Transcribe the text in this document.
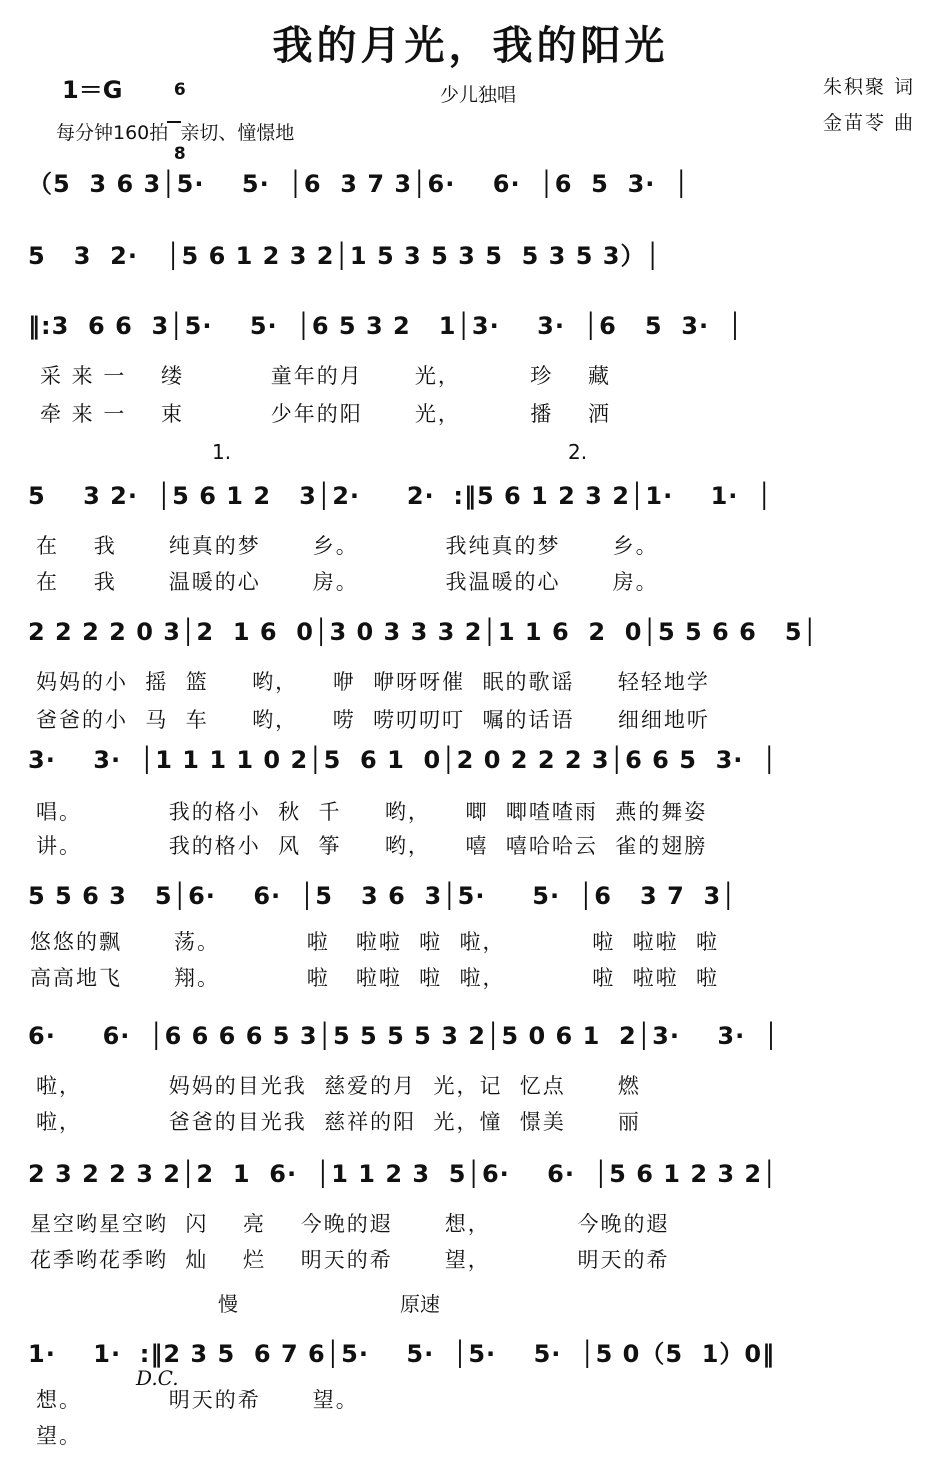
我的月光，我的阳光
1＝G	6

8

少儿独唱
每分钟160拍  亲切、憧憬地
朱积聚 词
金苗苓 曲
（5  3 6 3│5·    5·  │6  3 7 3│6·    6·  │6  5  3·  │
5   3  2·   │5 6 1 2 3 2│1 5 3 5 3 5  5 3 5 3）│
‖:3  6 6  3│5·    5·  │6 5 3 2   1│3·    3·  │6   5  3·  │
采 来 一    缕          童年的月      光，        珍    藏
牵 来 一    束          少年的阳      光，        播    洒
1.	2.
5    3 2·  │5 6 1 2   3│2·     2·  :‖5 6 1 2 3 2│1·    1·  │
在    我      纯真的梦      乡。          我纯真的梦      乡。
在    我      温暖的心      房。          我温暖的心      房。
2 2 2 2 0 3│2  1 6  0│3 0 3 3 3 2│1 1 6  2  0│5 5 6 6   5│
妈妈的小  摇  篮     哟，    咿  咿呀呀催  眠的歌谣     轻轻地学
爸爸的小  马  车     哟，    唠  唠叨叨叮  嘱的话语     细细地听
3·    3·  │1 1 1 1 0 2│5  6 1  0│2 0 2 2 2 3│6 6 5  3·  │
唱。          我的格小  秋  千     哟，    唧  唧喳喳雨  燕的舞姿
讲。          我的格小  风  筝     哟，    嘻  嘻哈哈云  雀的翅膀
5 5 6 3   5│6·    6·  │5   3 6  3│5·     5·  │6   3 7  3│
悠悠的飘      荡。          啦   啦啦  啦  啦，          啦  啦啦  啦
高高地飞      翔。          啦   啦啦  啦  啦，          啦  啦啦  啦
6·     6·  │6 6 6 6 5 3│5 5 5 5 3 2│5 0 6 1  2│3·    3·  │
啦，          妈妈的目光我  慈爱的月  光，记  忆点      燃
啦，          爸爸的目光我  慈祥的阳  光，憧  憬美      丽
2 3 2 2 3 2│2  1  6·  │1 1 2 3  5│6·    6·  │5 6 1 2 3 2│
星空哟星空哟  闪    亮    今晚的遐      想，          今晚的遐
花季哟花季哟  灿    烂    明天的希      望，          明天的希
慢	原速
1·    1·  :‖2 3 5  6 7 6│5·    5·  │5·    5·  │5 0（5  1）0‖
D.C.
想。          明天的希      望。
望。
